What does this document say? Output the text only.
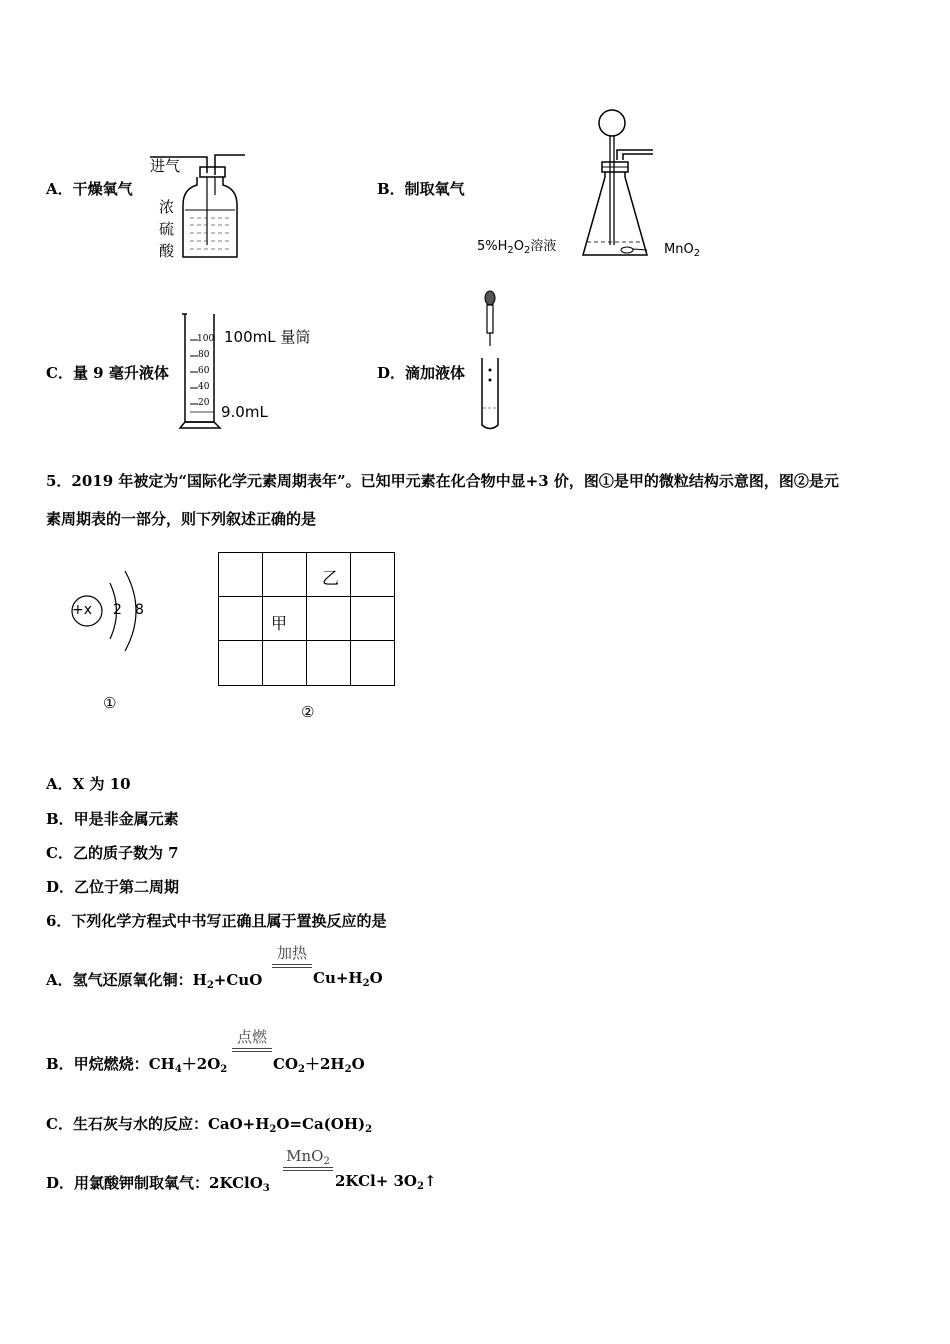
A．干燥氧气
进气
浓
硫
酸
B．制取氧气
$5\%H_2O_2$溶液	MnO$_2$
C．量 9 毫升液体
100
80
60
40
20
100mL 量筒
9.0mL
D．滴加液体
5．2019 年被定为“国际化学元素周期表年”。已知甲元素在化合物中显+3 价，图①是甲的微粒结构示意图，图②是元
素周期表的一部分，则下列叙述正确的是
+x 2 8
①
乙
甲
②
A．X 为 10
B．甲是非金属元素
C．乙的质子数为 7
D．乙位于第二周期
6．下列化学方程式中书写正确且属于置换反应的是
A．氢气还原氧化铜：$H_2+CuO$
加热
$Cu+H_2O$
B．甲烷燃烧：$CH_4+2O_2$
点燃
$CO_2+2H_2O$
C．生石灰与水的反应：$CaO+H_2O=Ca(OH)_2$
D．用氯酸钾制取氧气：2KClO$_3$
MnO$_2$
$2KCl+ 3O_2↑$
